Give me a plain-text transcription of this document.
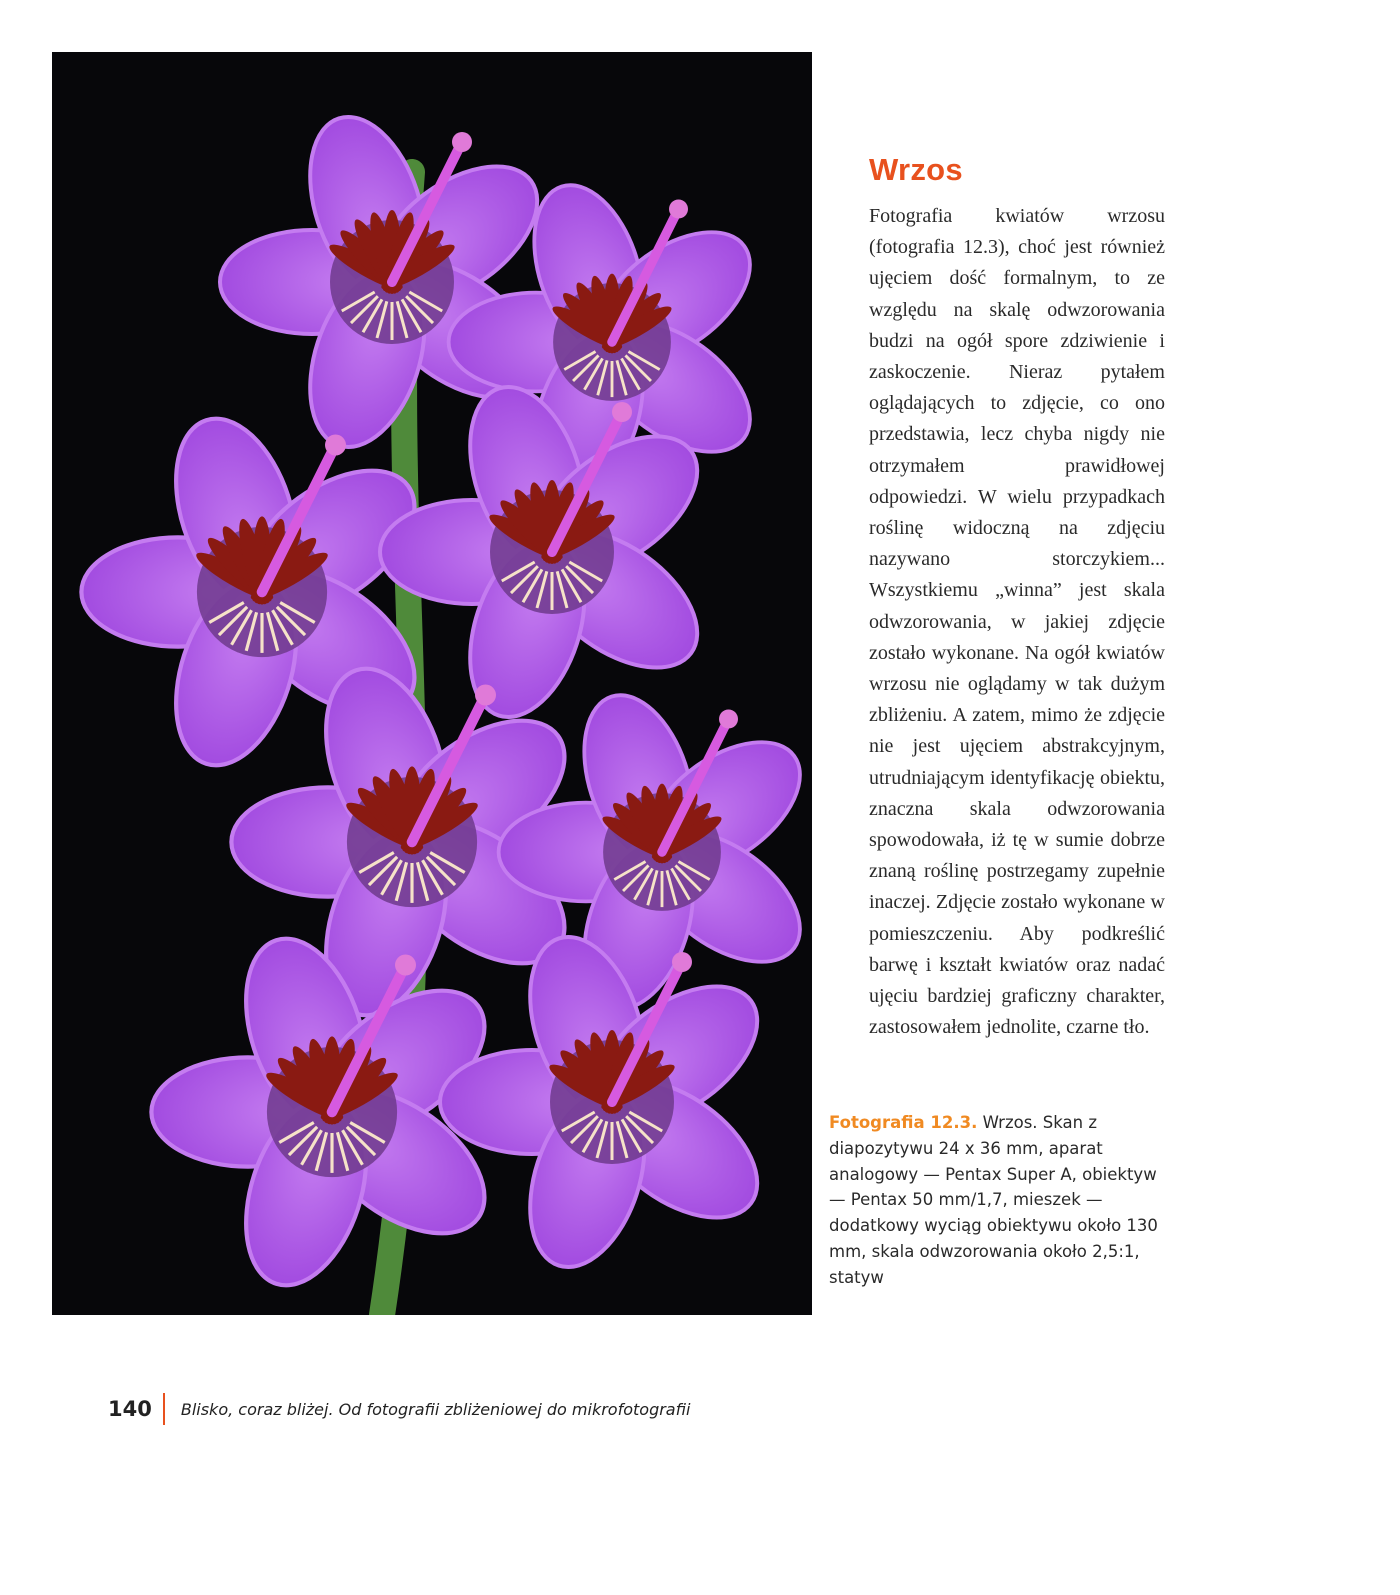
Wrzos

Fotografia kwiatów wrzosu (fotografia 12.3), choć jest również ujęciem dość formalnym, to ze względu na skalę odwzorowania budzi na ogół spore zdziwienie i zaskoczenie. Nieraz pytałem oglądających to zdjęcie, co ono przedstawia, lecz chyba nigdy nie otrzymałem prawidłowej odpowiedzi. W wielu przypadkach roślinę widoczną na zdjęciu nazywano storczykiem... Wszystkiemu „winna” jest skala odwzorowania, w jakiej zdjęcie zostało wykonane. Na ogół kwiatów wrzosu nie oglądamy w tak dużym zbliżeniu. A zatem, mimo że zdjęcie nie jest ujęciem abstrakcyjnym, utrudniającym identyfikację obiektu, znaczna skala odwzorowania spowodowała, iż tę w sumie dobrze znaną roślinę postrzegamy zupełnie inaczej. Zdjęcie zostało wykonane w pomieszczeniu. Aby podkreślić barwę i kształt kwiatów oraz nadać ujęciu bardziej graficzny charakter, zastosowałem jednolite, czarne tło.

Fotografia 12.3. Wrzos. Skan z diapozytywu 24 x 36 mm, aparat analogowy — Pentax Super A, obiektyw — Pentax 50 mm/1,7, mieszek — dodatkowy wyciąg obiektywu około 130 mm, skala odwzorowania około 2,5:1, statyw

140 Blisko, coraz bliżej. Od fotografii zbliżeniowej do mikrofotografii
